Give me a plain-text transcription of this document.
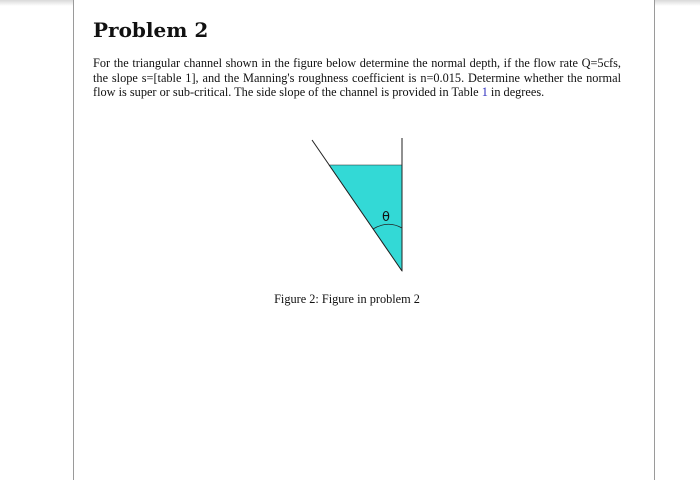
Problem 2

For the triangular channel shown in the figure below determine the normal depth, if the flow rate Q=5cfs, the slope s=[table 1], and the Manning's roughness coefficient is n=0.015. Determine whether the normal flow is super or sub-critical. The side slope of the channel is provided in Table 1 in degrees.

θ

Figure 2: Figure in problem 2
